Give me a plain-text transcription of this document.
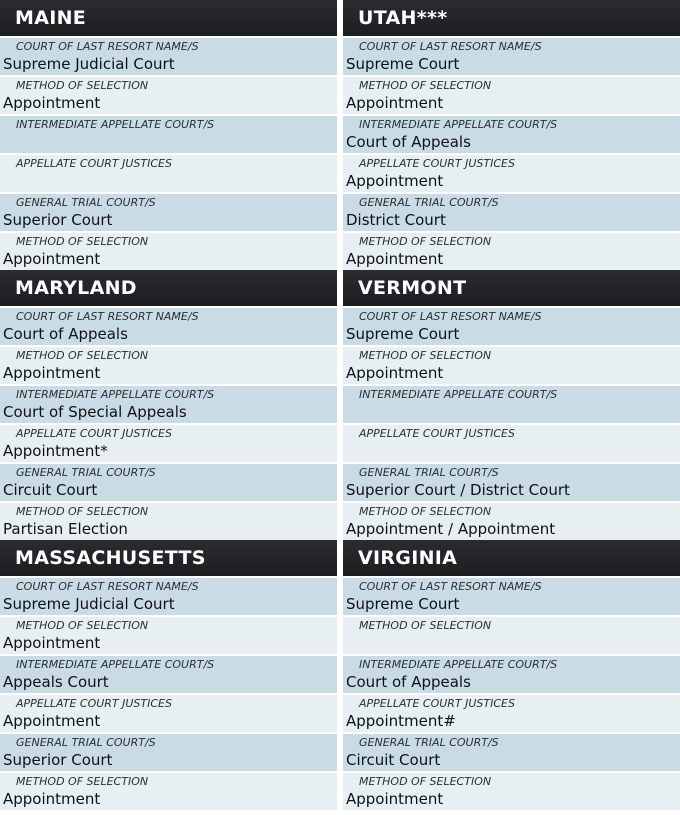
MAINE
COURT OF LAST RESORT NAME/S
Supreme Judicial Court
METHOD OF SELECTION
Appointment
INTERMEDIATE APPELLATE COURT/S
APPELLATE COURT JUSTICES
GENERAL TRIAL COURT/S
Superior Court
METHOD OF SELECTION
Appointment
MARYLAND
COURT OF LAST RESORT NAME/S
Court of Appeals
METHOD OF SELECTION
Appointment
INTERMEDIATE APPELLATE COURT/S
Court of Special Appeals
APPELLATE COURT JUSTICES
Appointment*
GENERAL TRIAL COURT/S
Circuit Court
METHOD OF SELECTION
Partisan Election
MASSACHUSETTS
COURT OF LAST RESORT NAME/S
Supreme Judicial Court
METHOD OF SELECTION
Appointment
INTERMEDIATE APPELLATE COURT/S
Appeals Court
APPELLATE COURT JUSTICES
Appointment
GENERAL TRIAL COURT/S
Superior Court
METHOD OF SELECTION
Appointment
UTAH***
COURT OF LAST RESORT NAME/S
Supreme Court
METHOD OF SELECTION
Appointment
INTERMEDIATE APPELLATE COURT/S
Court of Appeals
APPELLATE COURT JUSTICES
Appointment
GENERAL TRIAL COURT/S
District Court
METHOD OF SELECTION
Appointment
VERMONT
COURT OF LAST RESORT NAME/S
Supreme Court
METHOD OF SELECTION
Appointment
INTERMEDIATE APPELLATE COURT/S
APPELLATE COURT JUSTICES
GENERAL TRIAL COURT/S
Superior Court / District Court
METHOD OF SELECTION
Appointment / Appointment
VIRGINIA
COURT OF LAST RESORT NAME/S
Supreme Court
METHOD OF SELECTION
INTERMEDIATE APPELLATE COURT/S
Court of Appeals
APPELLATE COURT JUSTICES
Appointment#
GENERAL TRIAL COURT/S
Circuit Court
METHOD OF SELECTION
Appointment
